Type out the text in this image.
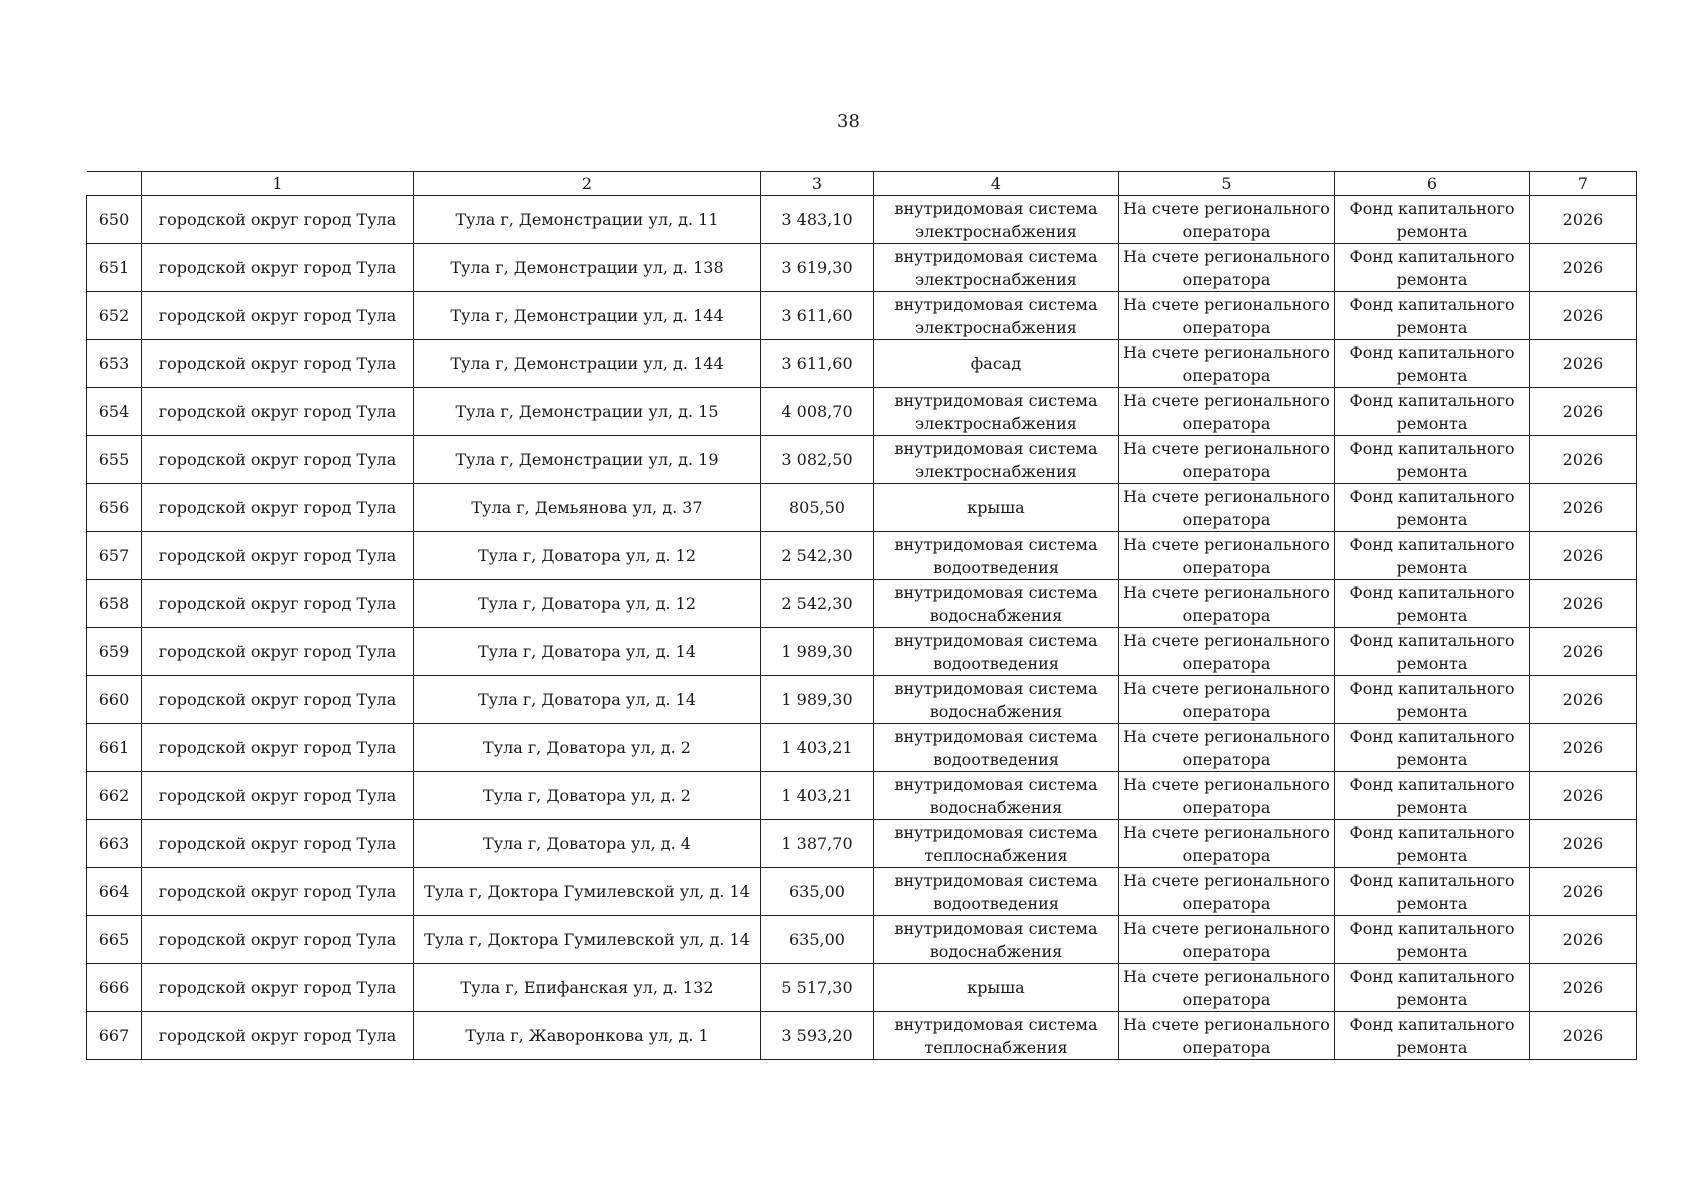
38
	1	2	3	4	5	6	7
650	городской округ город Тула	Тула г, Демонстрации ул, д. 11	3 483,10	внутридомовая система электроснабжения	На счете регионального оператора	Фонд капитального ремонта	2026
651	городской округ город Тула	Тула г, Демонстрации ул, д. 138	3 619,30	внутридомовая система электроснабжения	На счете регионального оператора	Фонд капитального ремонта	2026
652	городской округ город Тула	Тула г, Демонстрации ул, д. 144	3 611,60	внутридомовая система электроснабжения	На счете регионального оператора	Фонд капитального ремонта	2026
653	городской округ город Тула	Тула г, Демонстрации ул, д. 144	3 611,60	фасад	На счете регионального оператора	Фонд капитального ремонта	2026
654	городской округ город Тула	Тула г, Демонстрации ул, д. 15	4 008,70	внутридомовая система электроснабжения	На счете регионального оператора	Фонд капитального ремонта	2026
655	городской округ город Тула	Тула г, Демонстрации ул, д. 19	3 082,50	внутридомовая система электроснабжения	На счете регионального оператора	Фонд капитального ремонта	2026
656	городской округ город Тула	Тула г, Демьянова ул, д. 37	805,50	крыша	На счете регионального оператора	Фонд капитального ремонта	2026
657	городской округ город Тула	Тула г, Доватора ул, д. 12	2 542,30	внутридомовая система водоотведения	На счете регионального оператора	Фонд капитального ремонта	2026
658	городской округ город Тула	Тула г, Доватора ул, д. 12	2 542,30	внутридомовая система водоснабжения	На счете регионального оператора	Фонд капитального ремонта	2026
659	городской округ город Тула	Тула г, Доватора ул, д. 14	1 989,30	внутридомовая система водоотведения	На счете регионального оператора	Фонд капитального ремонта	2026
660	городской округ город Тула	Тула г, Доватора ул, д. 14	1 989,30	внутридомовая система водоснабжения	На счете регионального оператора	Фонд капитального ремонта	2026
661	городской округ город Тула	Тула г, Доватора ул, д. 2	1 403,21	внутридомовая система водоотведения	На счете регионального оператора	Фонд капитального ремонта	2026
662	городской округ город Тула	Тула г, Доватора ул, д. 2	1 403,21	внутридомовая система водоснабжения	На счете регионального оператора	Фонд капитального ремонта	2026
663	городской округ город Тула	Тула г, Доватора ул, д. 4	1 387,70	внутридомовая система теплоснабжения	На счете регионального оператора	Фонд капитального ремонта	2026
664	городской округ город Тула	Тула г, Доктора Гумилевской ул, д. 14	635,00	внутридомовая система водоотведения	На счете регионального оператора	Фонд капитального ремонта	2026
665	городской округ город Тула	Тула г, Доктора Гумилевской ул, д. 14	635,00	внутридомовая система водоснабжения	На счете регионального оператора	Фонд капитального ремонта	2026
666	городской округ город Тула	Тула г, Епифанская ул, д. 132	5 517,30	крыша	На счете регионального оператора	Фонд капитального ремонта	2026
667	городской округ город Тула	Тула г, Жаворонкова ул, д. 1	3 593,20	внутридомовая система теплоснабжения	На счете регионального оператора	Фонд капитального ремонта	2026
